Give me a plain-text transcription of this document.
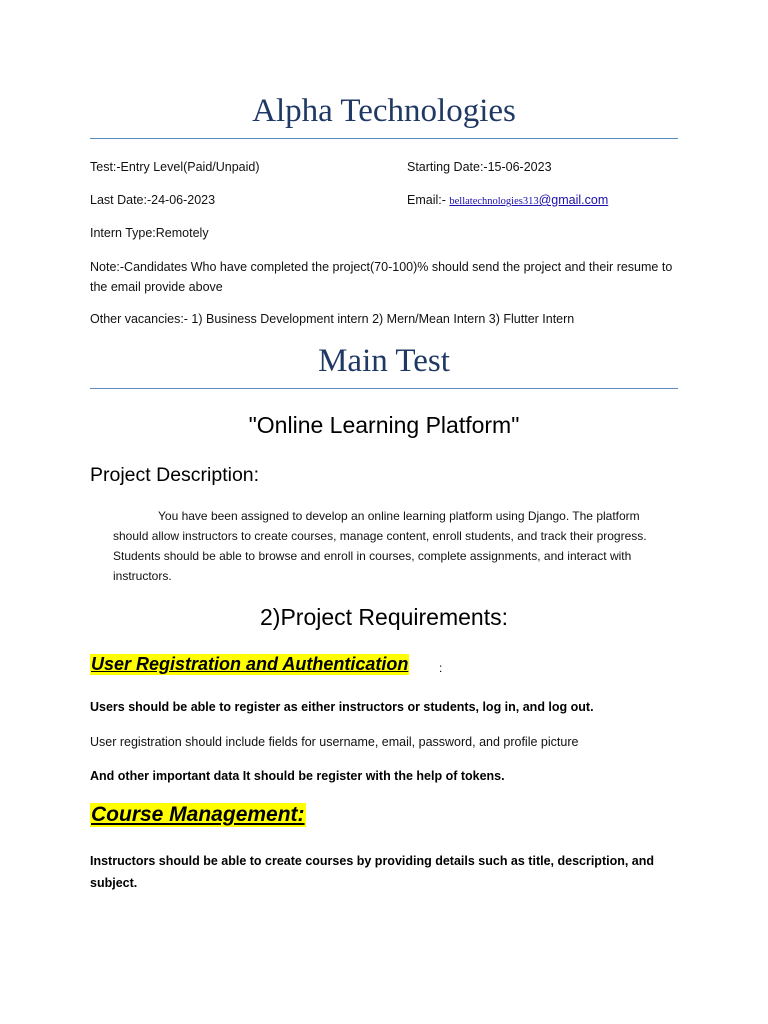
Alpha Technologies
Test:-Entry Level(Paid/Unpaid)	Starting Date:-15-06-2023
Last Date:-24-06-2023	Email:- bellatechnologies313@gmail.com
Intern Type:Remotely
Note:-Candidates Who have completed the project(70-100)% should send the project and their resume to the email provide above
Other vacancies:- 1) Business Development intern 2) Mern/Mean Intern 3) Flutter Intern
Main Test
"Online Learning Platform"
Project Description:
You have been assigned to develop an online learning platform using Django. The platform should allow instructors to create courses, manage content, enroll students, and track their progress. Students should be able to browse and enroll in courses, complete assignments, and interact with instructors.
2)Project Requirements:
User Registration and Authentication	:
Users should be able to register as either instructors or students, log in, and log out.
User registration should include fields for username, email, password, and profile picture
And other important data It should be register with the help of tokens.
Course Management:
Instructors should be able to create courses by providing details such as title, description, and subject.
